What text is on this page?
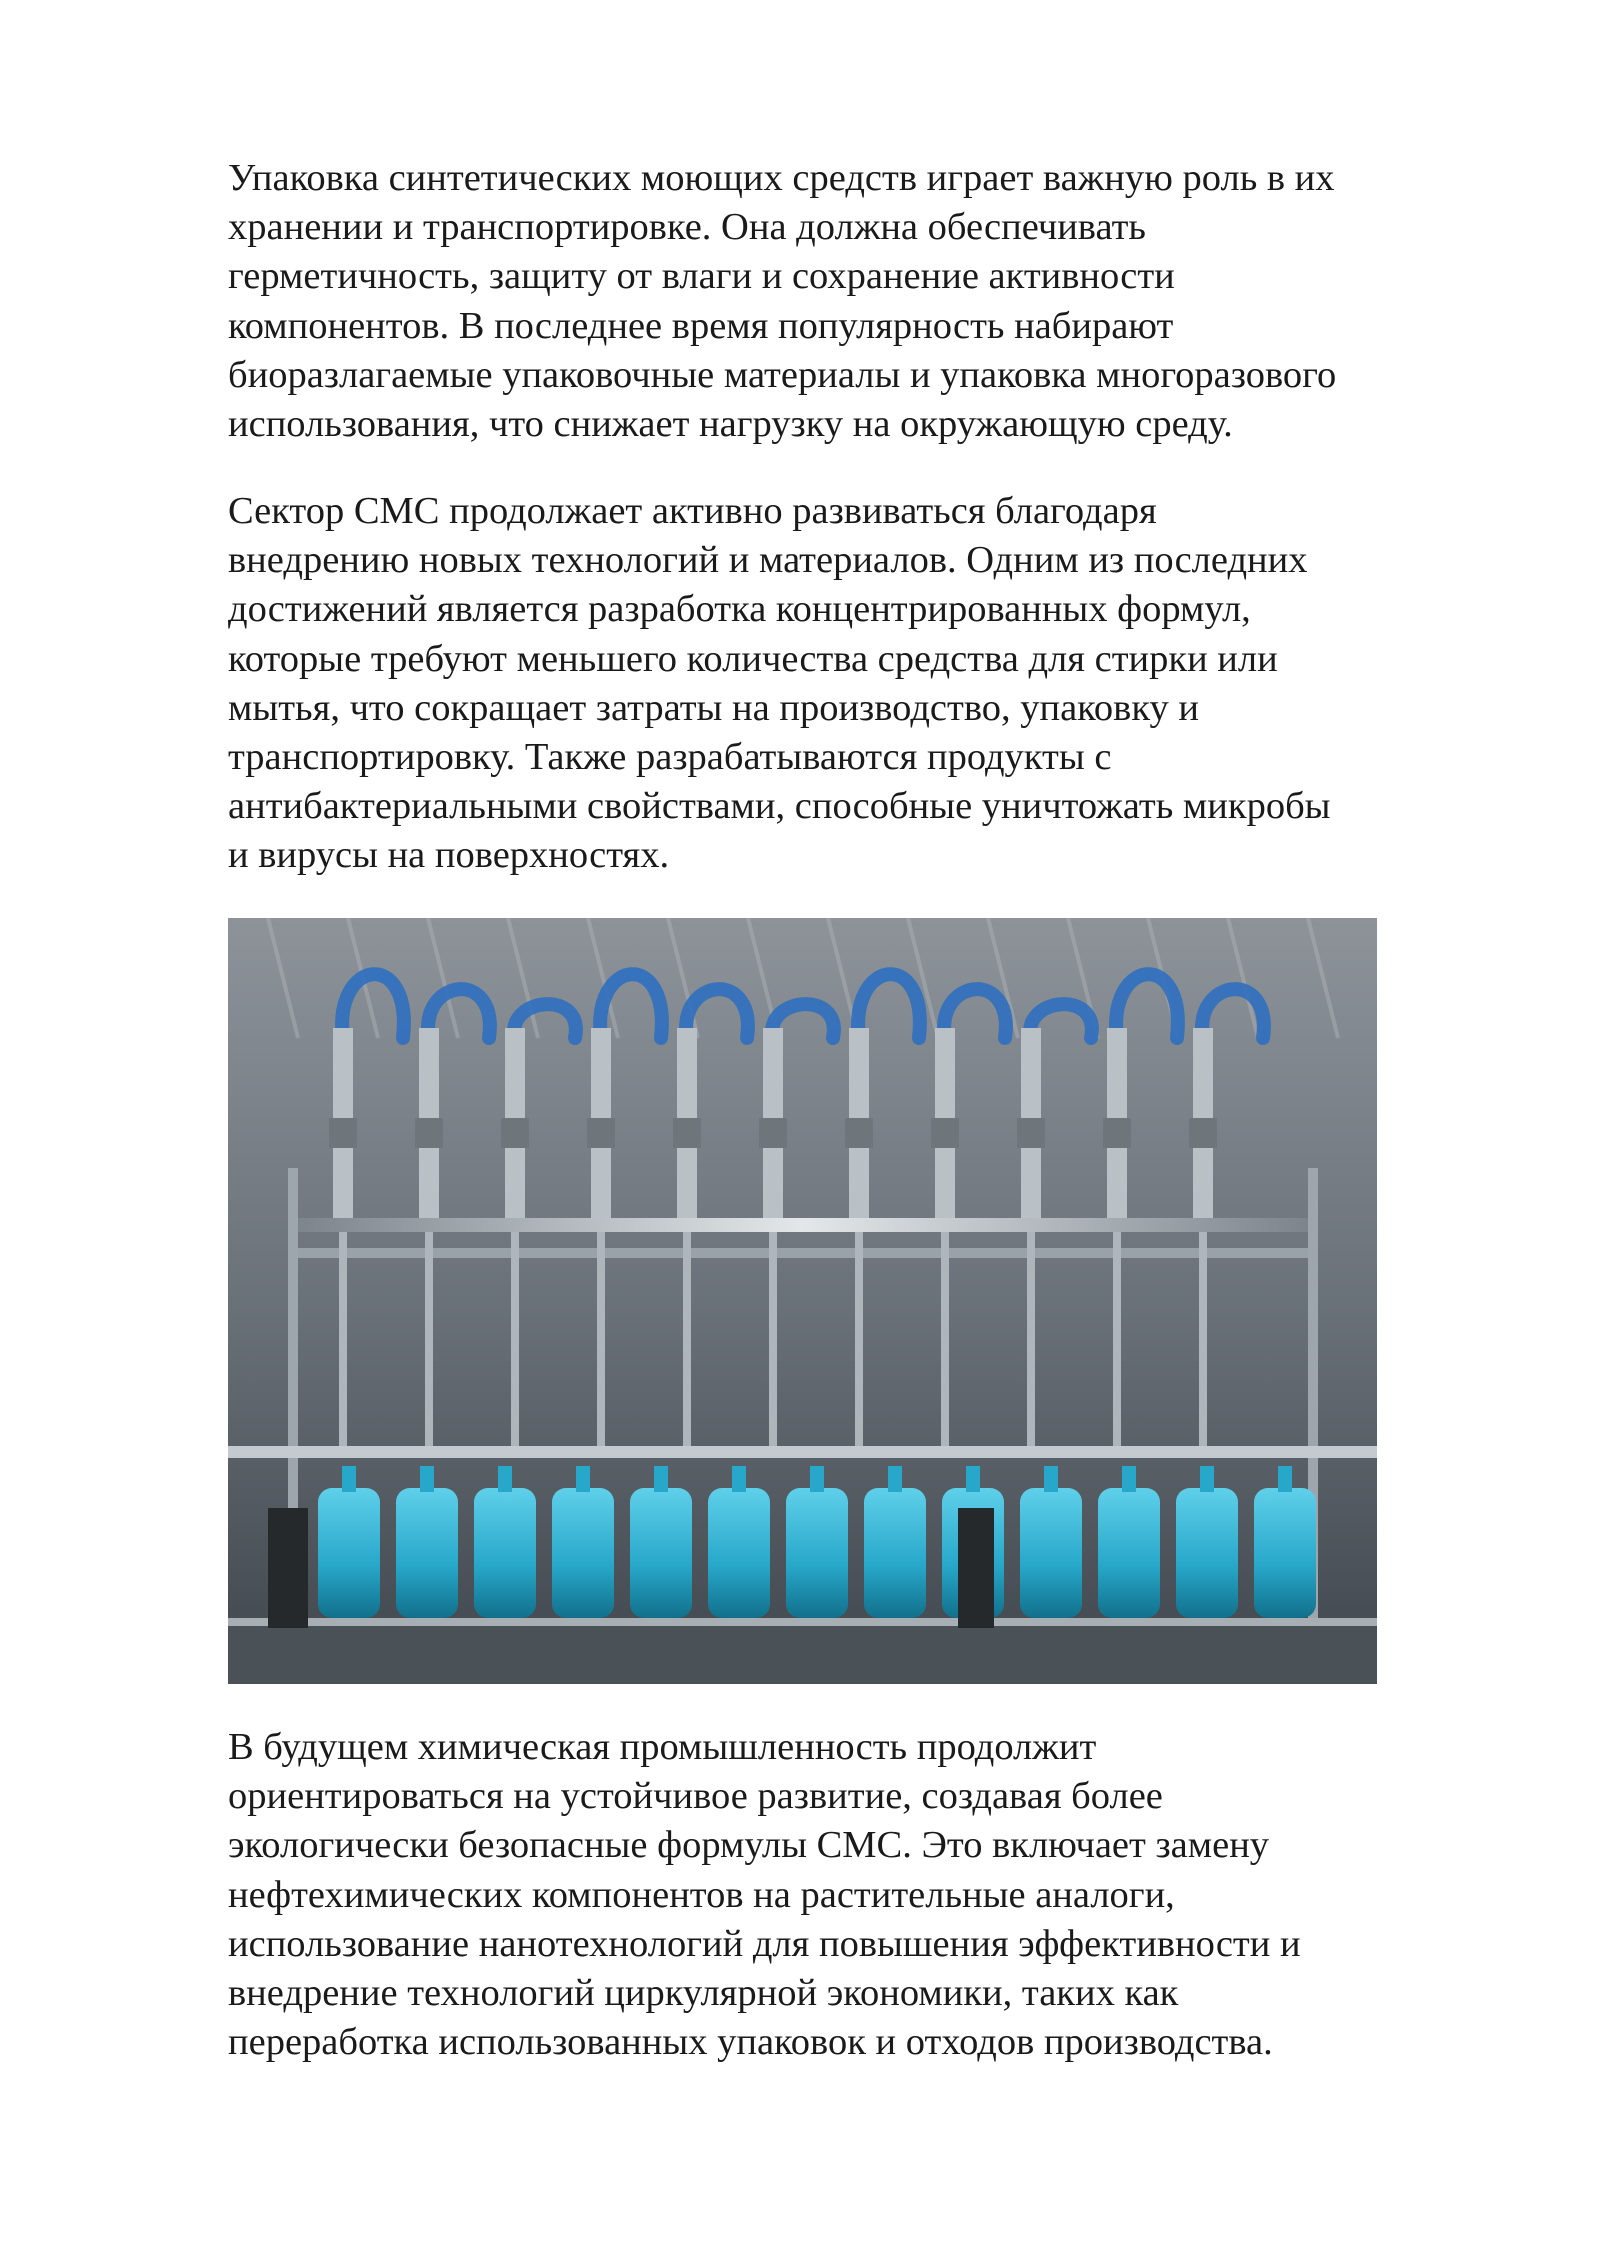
Упаковка синтетических моющих средств играет важную роль в их
хранении и транспортировке. Она должна обеспечивать
герметичность, защиту от влаги и сохранение активности
компонентов. В последнее время популярность набирают
биоразлагаемые упаковочные материалы и упаковка многоразового
использования, что снижает нагрузку на окружающую среду.
Сектор СМС продолжает активно развиваться благодаря
внедрению новых технологий и материалов. Одним из последних
достижений является разработка концентрированных формул,
которые требуют меньшего количества средства для стирки или
мытья, что сокращает затраты на производство, упаковку и
транспортировку. Также разрабатываются продукты с
антибактериальными свойствами, способные уничтожать микробы
и вирусы на поверхностях.
В будущем химическая промышленность продолжит
ориентироваться на устойчивое развитие, создавая более
экологически безопасные формулы СМС. Это включает замену
нефтехимических компонентов на растительные аналоги,
использование нанотехнологий для повышения эффективности и
внедрение технологий циркулярной экономики, таких как
переработка использованных упаковок и отходов производства.
